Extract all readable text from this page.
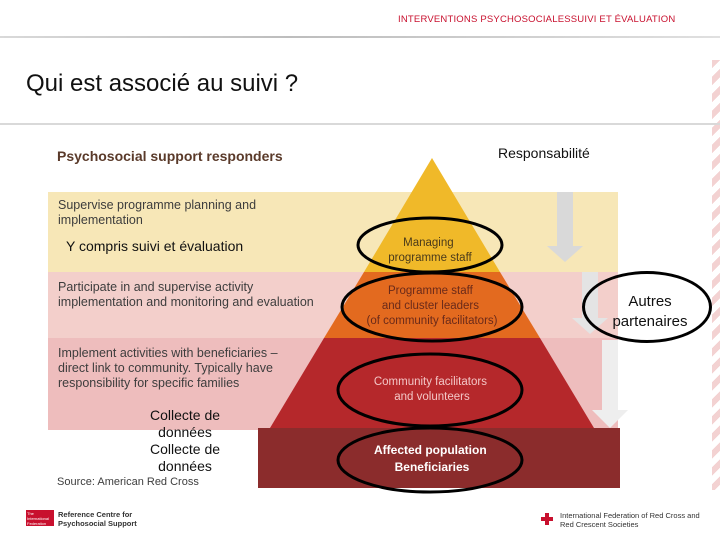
INTERVENTIONS PSYCHOSOCIALESSUIVI ET ÉVALUATION
Qui est associé au suivi ?
Psychosocial support responders
Supervise programme planning and implementation
Participate in and supervise activity implementation and monitoring and evaluation
Implement activities with beneficiaries – direct link to community. Typically have responsibility for specific families
Managing programme staff
Programme staff and cluster leaders (of community facilitators)
Community facilitators and volunteers
Affected population Beneficiaries
Y compris suivi et évaluation
Responsabilité
Collecte de données
Collecte de données
Source: American Red Cross
Autres partenaires
The International Federation
Reference Centre for Psychosocial Support
International Federation of Red Cross and Red Crescent Societies
